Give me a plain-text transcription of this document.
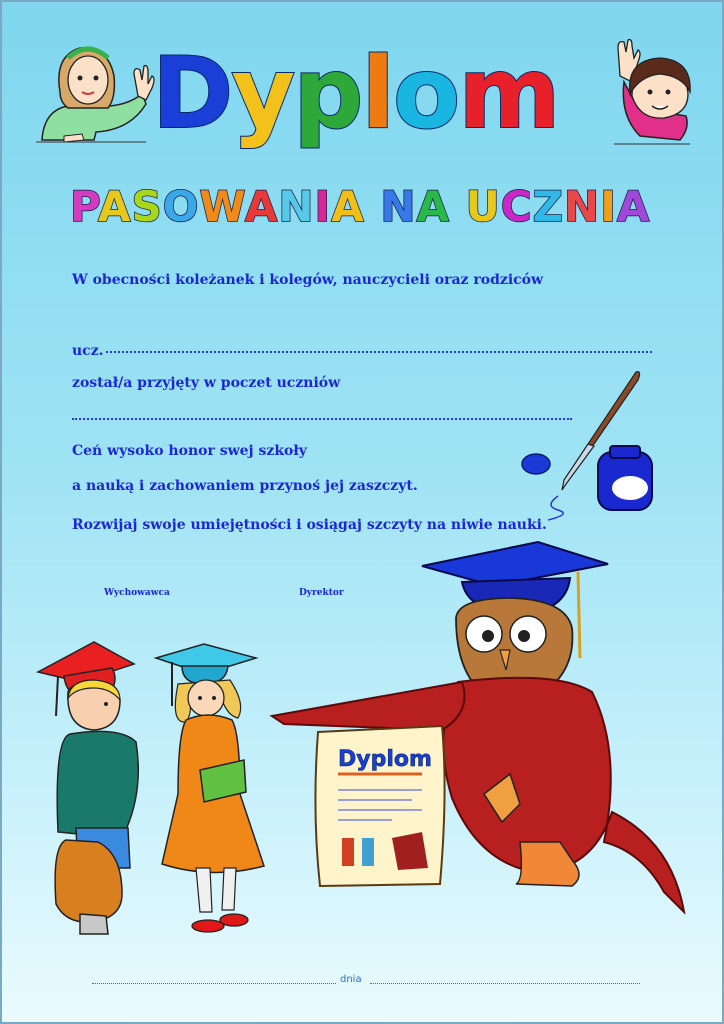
Dyplom
PASOWANIA NA UCZNIA
W obecności koleżanek i kolegów, nauczycieli oraz rodziców
ucz.
został/a przyjęty w poczet uczniów
Ceń wysoko honor swej szkoły
a nauką i zachowaniem przynoś jej zaszczyt.
Rozwijaj swoje umiejętności i osiągaj szczyty na niwie nauki.
Wychowawca	Dyrektor
Dyplom
dnia
